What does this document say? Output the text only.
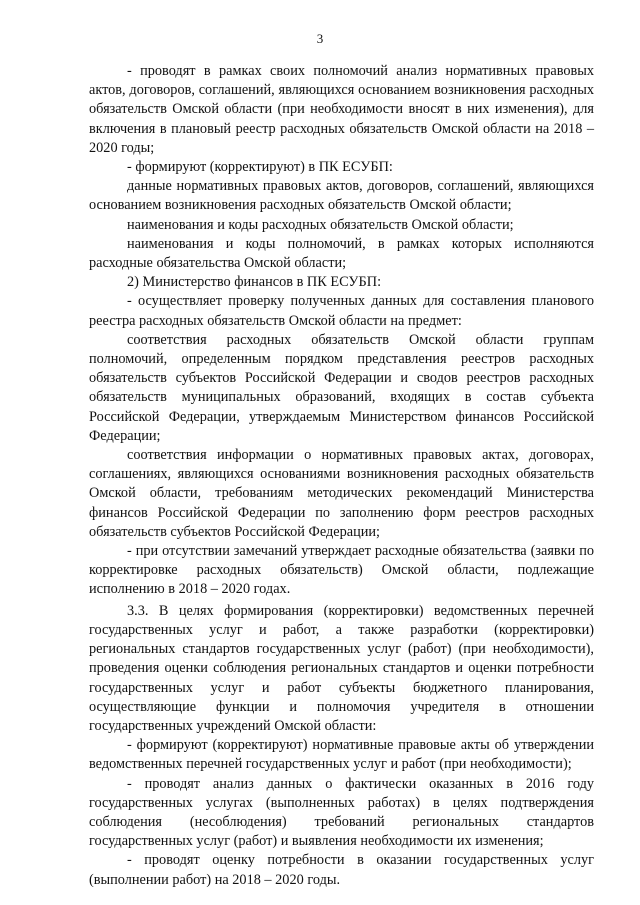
3

- проводят в рамках своих полномочий анализ нормативных правовых актов, договоров, соглашений, являющихся основанием возникновения расходных обязательств Омской области (при необходимости вносят в них изменения), для включения в плановый реестр расходных обязательств Омской области на 2018 – 2020 годы;

- формируют (корректируют) в ПК ЕСУБП:

данные нормативных правовых актов, договоров, соглашений, являющихся основанием возникновения расходных обязательств Омской области;

наименования и коды расходных обязательств Омской области;

наименования и коды полномочий, в рамках которых исполняются расходные обязательства Омской области;

2) Министерство финансов в ПК ЕСУБП:

- осуществляет проверку полученных данных для составления планового реестра расходных обязательств Омской области на предмет:

соответствия расходных обязательств Омской области группам полномочий, определенным порядком представления реестров расходных обязательств субъектов Российской Федерации и сводов реестров расходных обязательств муниципальных образований, входящих в состав субъекта Российской Федерации, утверждаемым Министерством финансов Российской Федерации;

соответствия информации о нормативных правовых актах, договорах, соглашениях, являющихся основаниями возникновения расходных обязательств Омской области, требованиям методических рекомендаций Министерства финансов Российской Федерации по заполнению форм реестров расходных обязательств субъектов Российской Федерации;

- при отсутствии замечаний утверждает расходные обязательства (заявки по корректировке расходных обязательств) Омской области, подлежащие исполнению в 2018 – 2020 годах.

3.3. В целях формирования (корректировки) ведомственных перечней государственных услуг и работ, а также разработки (корректировки) региональных стандартов государственных услуг (работ) (при необходимости), проведения оценки соблюдения региональных стандартов и оценки потребности государственных услуг и работ субъекты бюджетного планирования, осуществляющие функции и полномочия учредителя в отношении государственных учреждений Омской области:

- формируют (корректируют) нормативные правовые акты об утверждении ведомственных перечней государственных услуг и работ (при необходимости);

- проводят анализ данных о фактически оказанных в 2016 году государственных услугах (выполненных работах) в целях подтверждения соблюдения (несоблюдения) требований региональных стандартов государственных услуг (работ) и выявления необходимости их изменения;

- проводят оценку потребности в оказании государственных услуг (выполнении работ) на 2018 – 2020 годы.
